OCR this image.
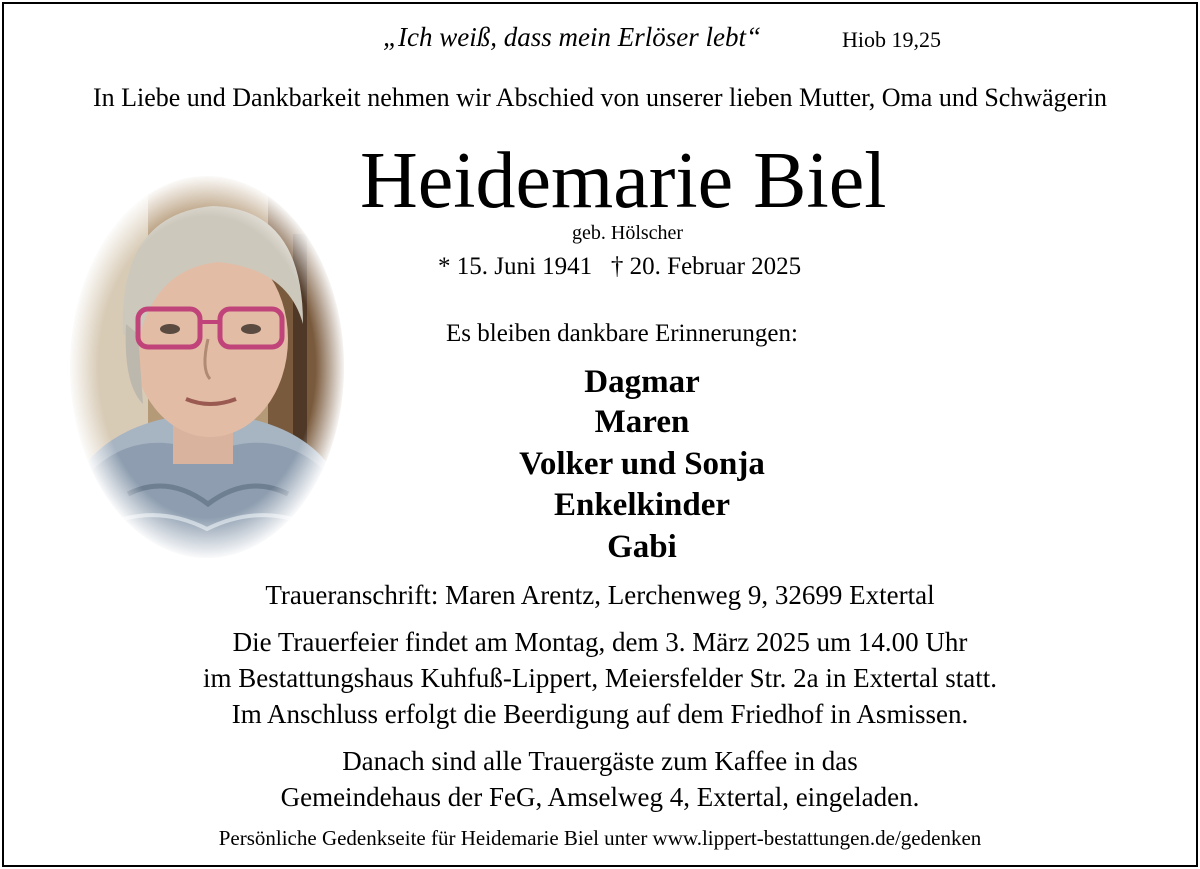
„Ich weiß, dass mein Erlöser lebt“	Hiob 19,25
In Liebe und Dankbarkeit nehmen wir Abschied von unserer lieben Mutter, Oma und Schwägerin
Heidemarie Biel
geb. Hölscher
* 15. Juni 1941   † 20. Februar 2025
Es bleiben dankbare Erinnerungen:
Dagmar
Maren
Volker und Sonja
Enkelkinder
Gabi
Traueranschrift: Maren Arentz, Lerchenweg 9, 32699 Extertal
Die Trauerfeier findet am Montag, dem 3. März 2025 um 14.00 Uhr
im Bestattungshaus Kuhfuß-Lippert, Meiersfelder Str. 2a in Extertal statt.
Im Anschluss erfolgt die Beerdigung auf dem Friedhof in Asmissen.
Danach sind alle Trauergäste zum Kaffee in das
Gemeindehaus der FeG, Amselweg 4, Extertal, eingeladen.
Persönliche Gedenkseite für Heidemarie Biel unter www.lippert-bestattungen.de/gedenken
